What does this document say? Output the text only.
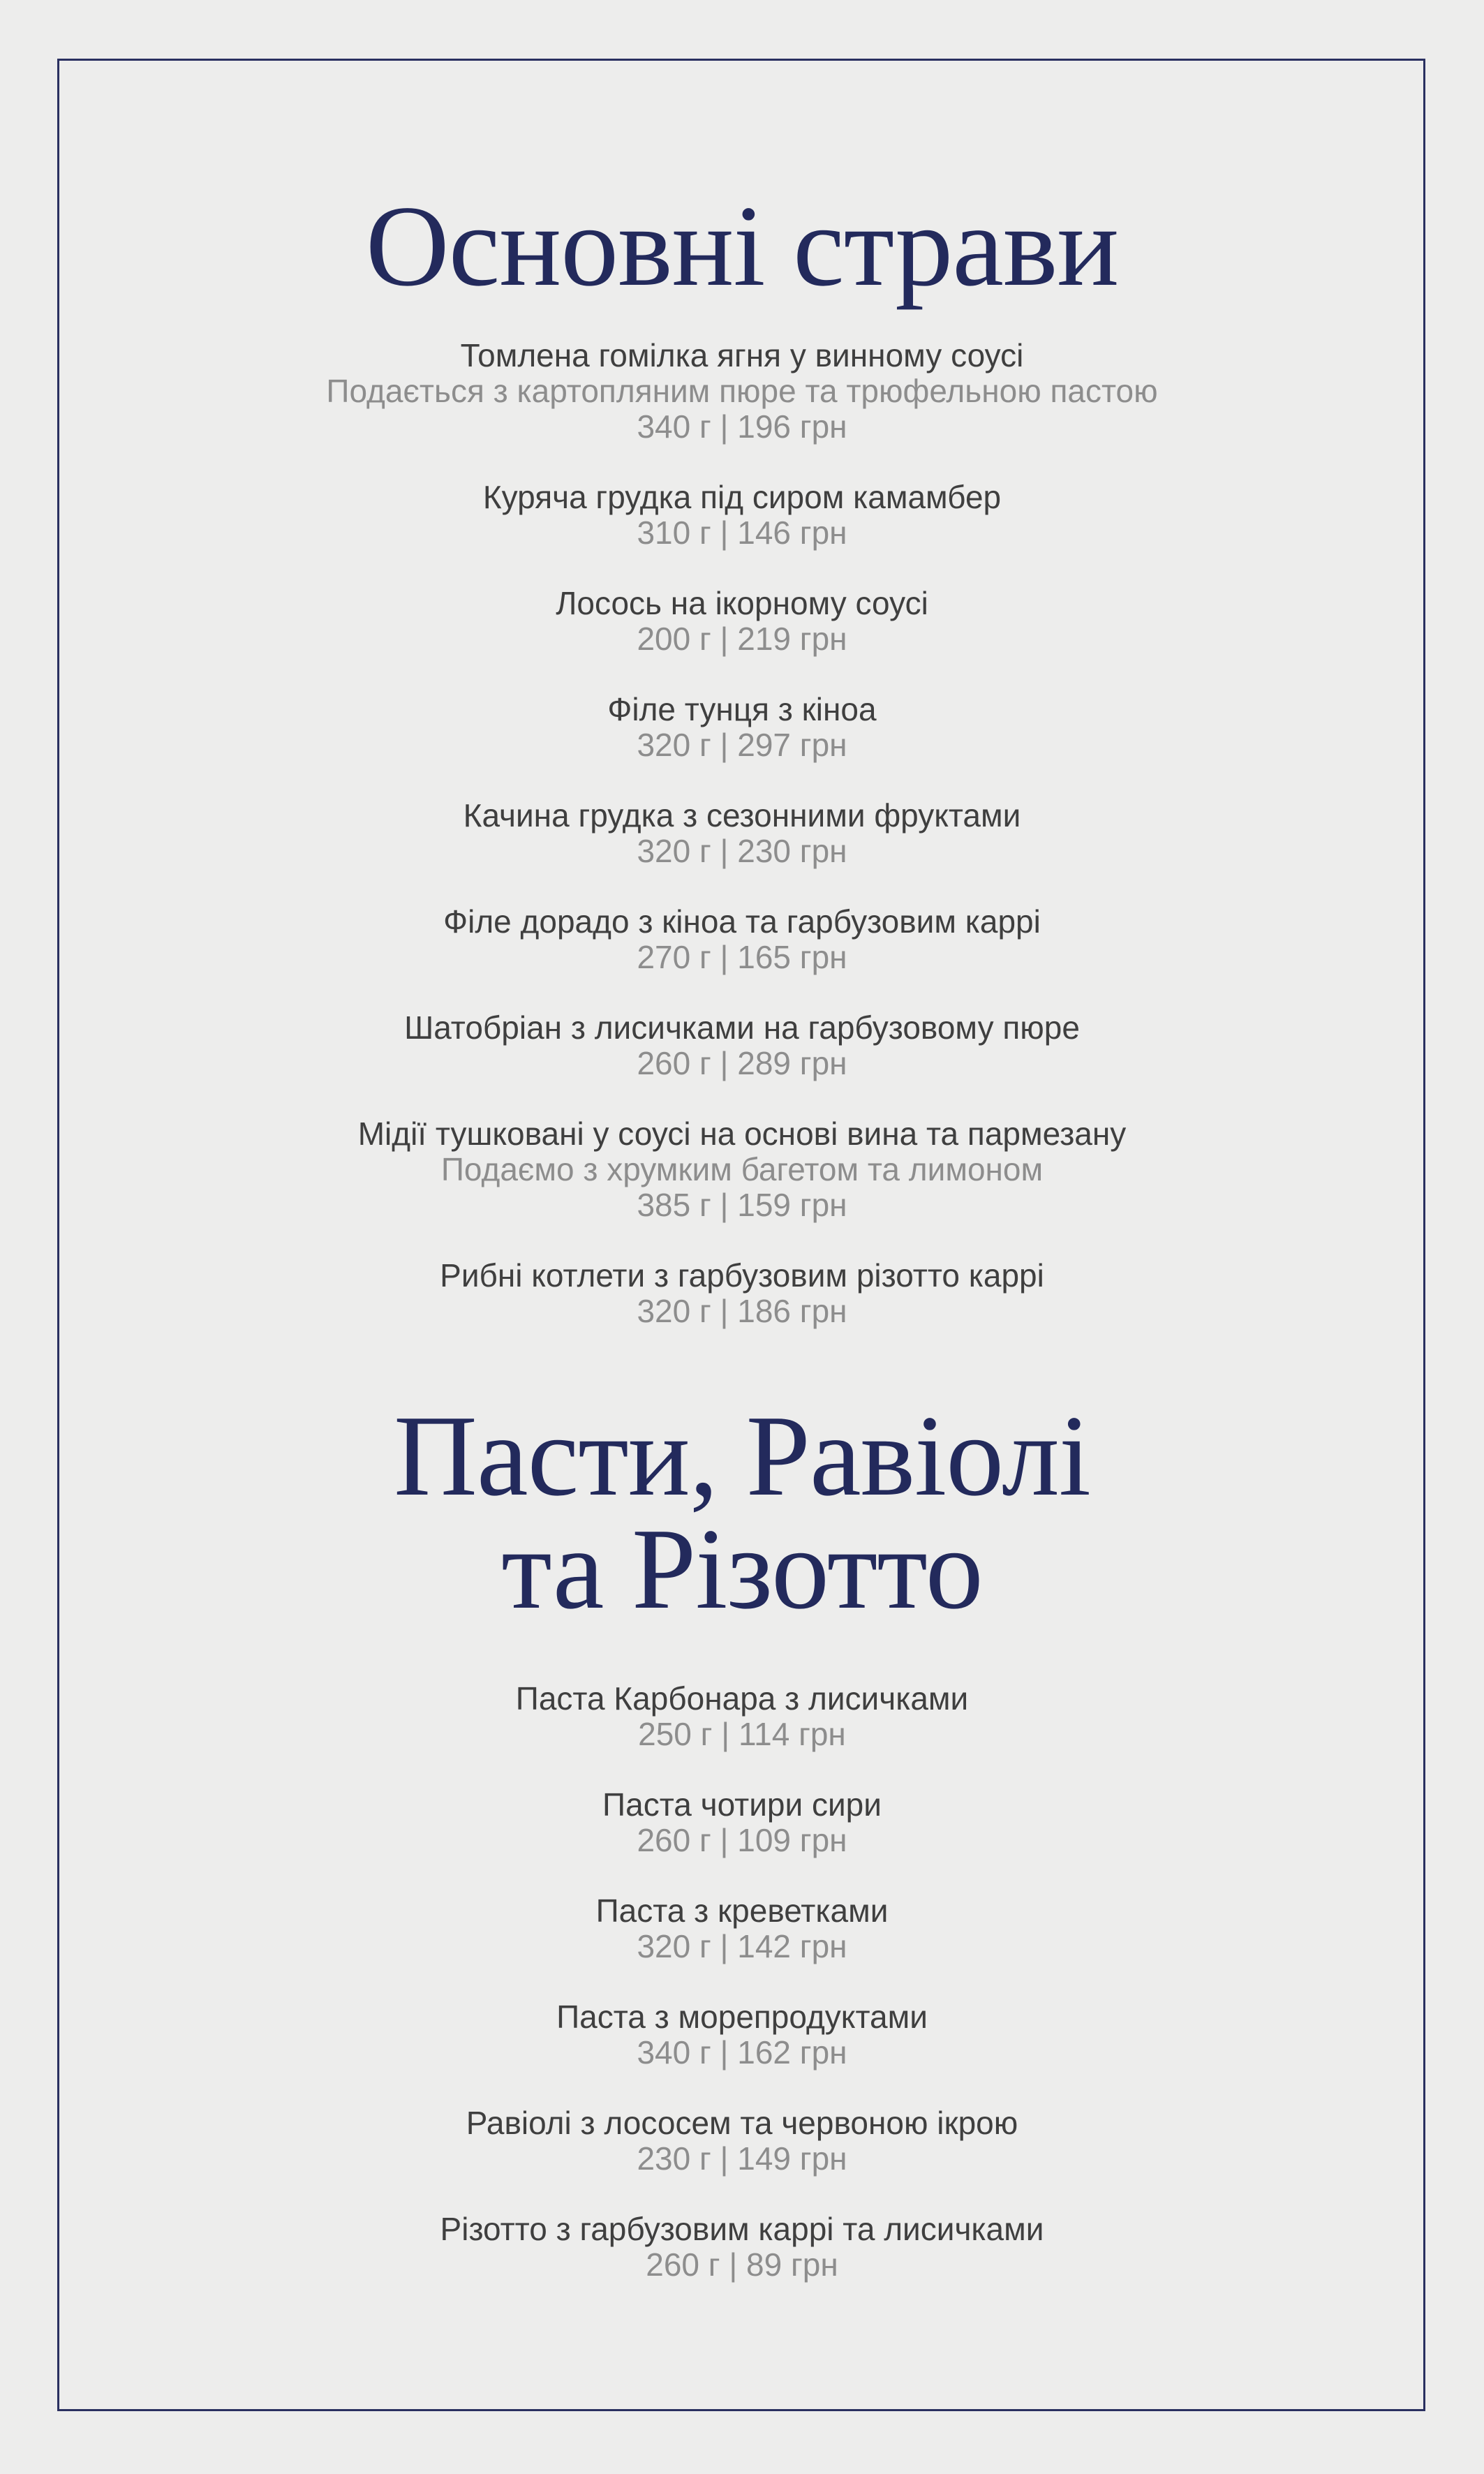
Основні страви
Томлена гомілка ягня у винному соусі
Подається з картопляним пюре та трюфельною пастою
340 г | 196 грн
Куряча грудка під сиром камамбер
310 г | 146 грн
Лосось на ікорному соусі
200 г | 219 грн
Філе тунця з кіноа
320 г | 297 грн
Качина грудка з сезонними фруктами
320 г | 230 грн
Філе дорадо з кіноа та гарбузовим каррі
270 г | 165 грн
Шатобріан з лисичками на гарбузовому пюре
260 г | 289 грн
Мідії тушковані у соусі на основі вина та пармезану
Подаємо з хрумким багетом та лимоном
385 г | 159 грн
Рибні котлети з гарбузовим різотто каррі
320 г | 186 грн
Пасти, Равіолі
та Різотто
Паста Карбонара з лисичками
250 г | 114 грн
Паста чотири сири
260 г | 109 грн
Паста з креветками
320 г | 142 грн
Паста з морепродуктами
340 г | 162 грн
Равіолі з лососем та червоною ікрою
230 г | 149 грн
Різотто з гарбузовим каррі та лисичками
260 г | 89 грн
